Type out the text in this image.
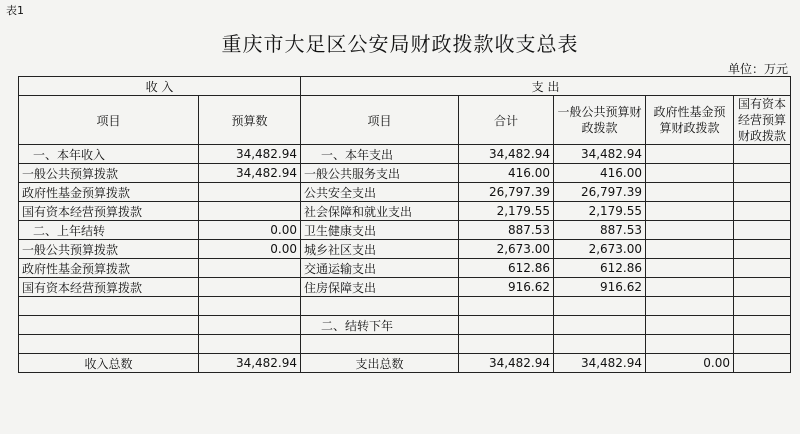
表1
重庆市大足区公安局财政拨款收支总表
单位：万元
收 入		支 出				
项目	预算数	项目	合计	一般公共预算财政拨款	政府性基金预算财政拨款	国有资本经营预算财政拨款
一、本年收入	34,482.94	一、本年支出	34,482.94	34,482.94		
一般公共预算拨款	34,482.94	一般公共服务支出	416.00	416.00		
政府性基金预算拨款		公共安全支出	26,797.39	26,797.39		
国有资本经营预算拨款		社会保障和就业支出	2,179.55	2,179.55		
二、上年结转	0.00	卫生健康支出	887.53	887.53		
一般公共预算拨款	0.00	城乡社区支出	2,673.00	2,673.00		
政府性基金预算拨款		交通运输支出	612.86	612.86		
国有资本经营预算拨款		住房保障支出	916.62	916.62		

		二、结转下年				

收入总数	34,482.94	支出总数	34,482.94	34,482.94	0.00	
